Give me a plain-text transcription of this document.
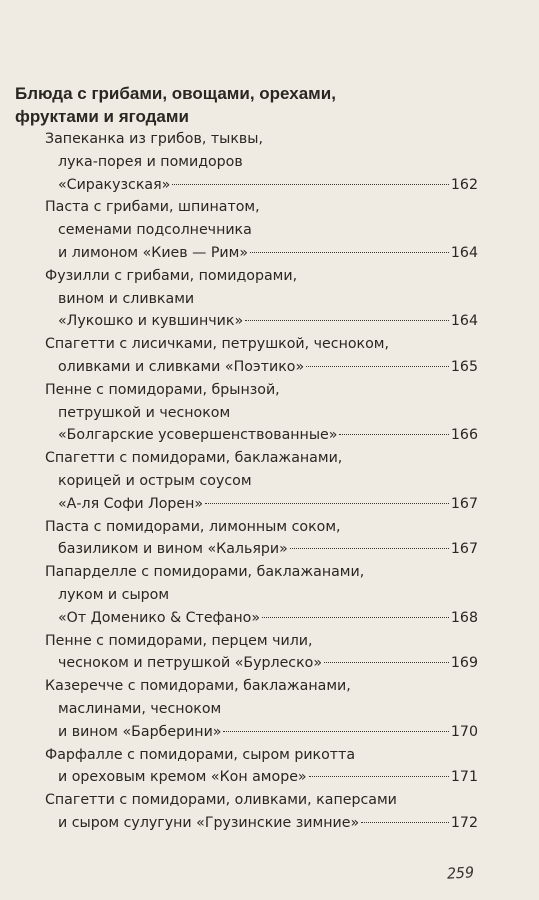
Блюда с грибами, овощами, орехами,
фруктами и ягодами
Запеканка из грибов, тыквы,
лука-порея и помидоров
«Сиракузская»	162
Паста с грибами, шпинатом,
семенами подсолнечника
и лимоном «Киев — Рим»	164
Фузилли с грибами, помидорами,
вином и сливками
«Лукошко и кувшинчик»	164
Спагетти с лисичками, петрушкой, чесноком,
оливками и сливками «Поэтико»	165
Пенне с помидорами, брынзой,
петрушкой и чесноком
«Болгарские усовершенствованные»	166
Спагетти с помидорами, баклажанами,
корицей и острым соусом
«А-ля Софи Лорен»	167
Паста с помидорами, лимонным соком,
базиликом и вином «Кальяри»	167
Папарделле с помидорами, баклажанами,
луком и сыром
«От Доменико & Стефано»	168
Пенне с помидорами, перцем чили,
чесноком и петрушкой «Бурлеско»	169
Казеречче с помидорами, баклажанами,
маслинами, чесноком
и вином «Барберини»	170
Фарфалле с помидорами, сыром рикотта
и ореховым кремом «Кон аморе»	171
Спагетти с помидорами, оливками, каперсами
и сыром сулугуни «Грузинские зимние»	172
259
